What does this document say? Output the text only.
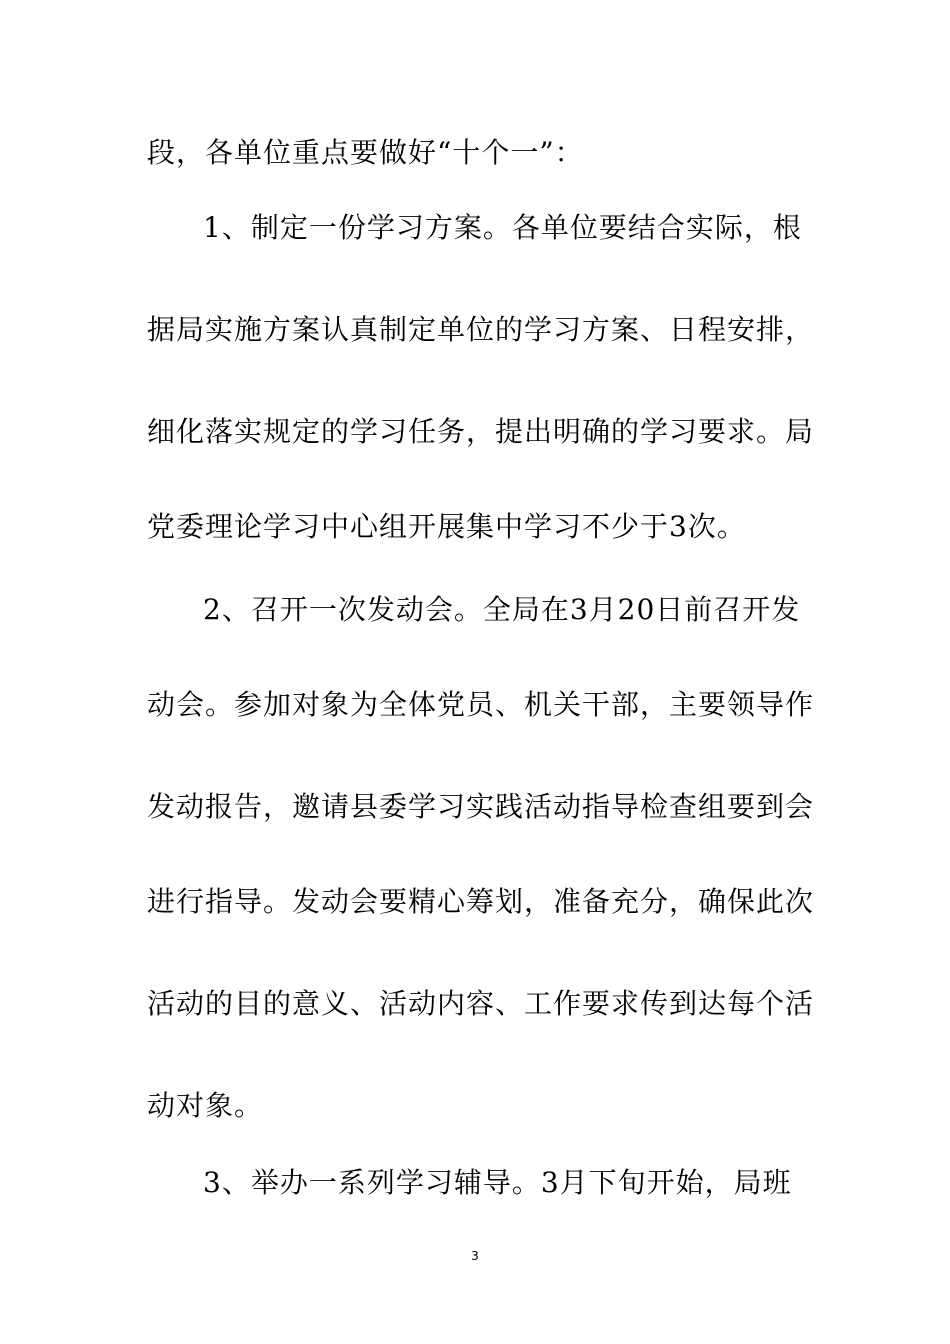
段，各单位重点要做好“十个一”：
1、制定一份学习方案。各单位要结合实际，根
据局实施方案认真制定单位的学习方案、日程安排，
细化落实规定的学习任务，提出明确的学习要求。局
党委理论学习中心组开展集中学习不少于3次。
2、召开一次发动会。全局在3月20日前召开发
动会。参加对象为全体党员、机关干部，主要领导作
发动报告，邀请县委学习实践活动指导检查组要到会
进行指导。发动会要精心筹划，准备充分，确保此次
活动的目的意义、活动内容、工作要求传到达每个活
动对象。
3、举办一系列学习辅导。3月下旬开始，局班
3
